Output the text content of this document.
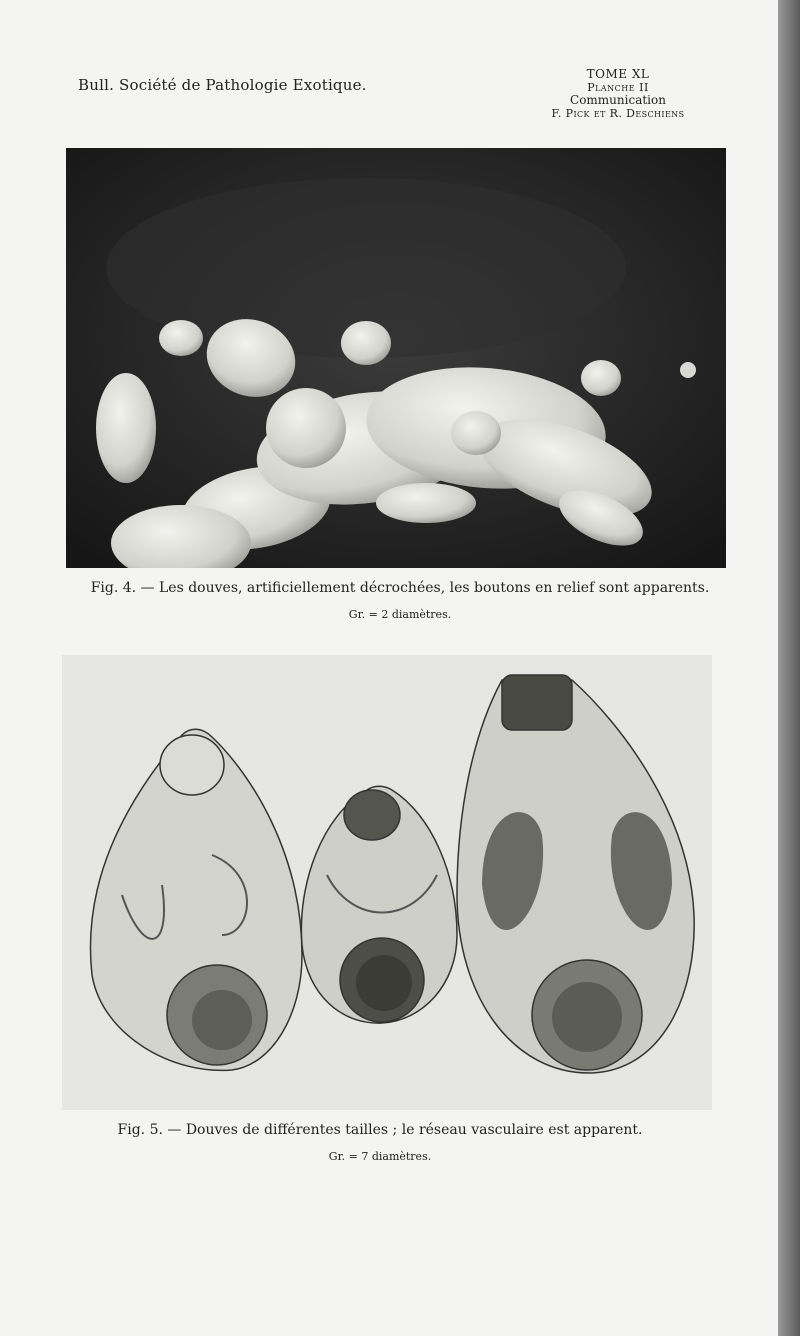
Bull. Société de Pathologie Exotique.
TOME XL
Planche II
Communication
F. Pick et R. Deschiens
Fig. 4. — Les douves, artificiellement décrochées, les boutons en relief sont apparents.
Gr. = 2 diamètres.
Fig. 5. — Douves de différentes tailles ; le réseau vasculaire est apparent.
Gr. = 7 diamètres.
